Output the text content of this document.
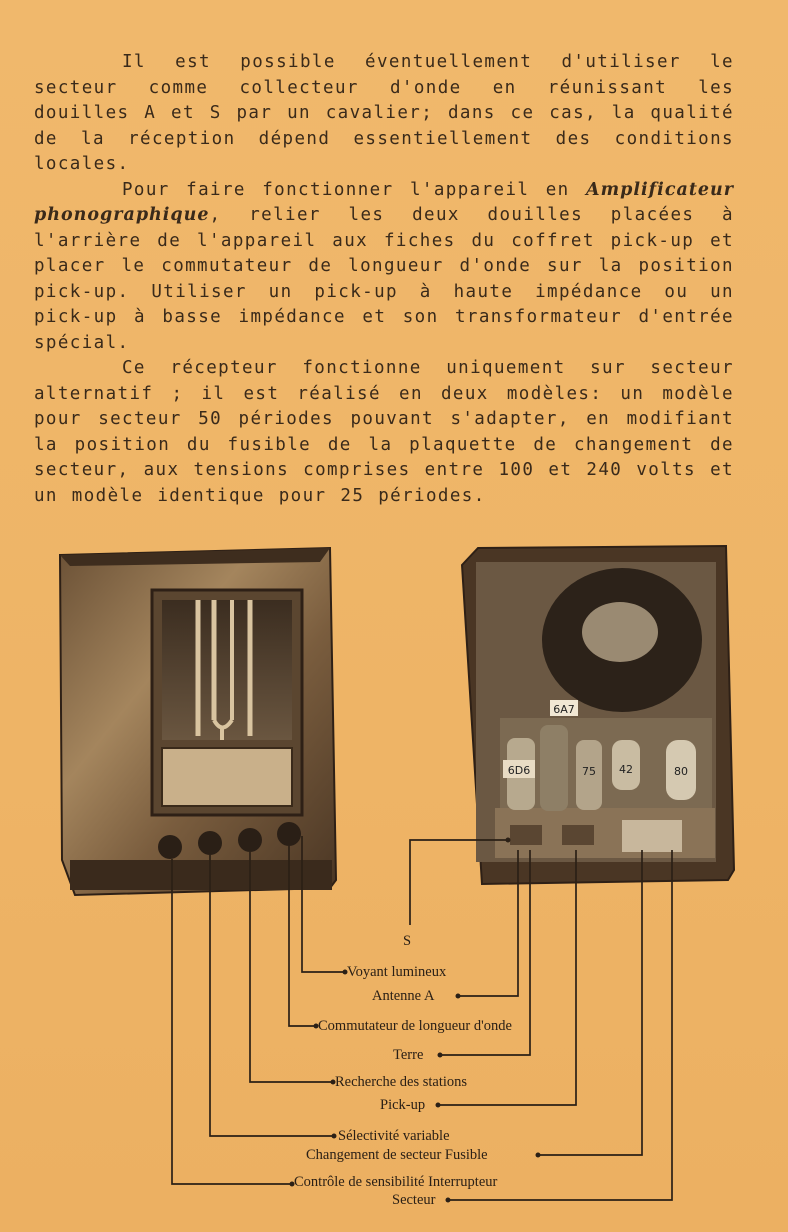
Il est possible éventuellement d'utiliser le secteur comme collecteur d'onde en réunissant les douilles A et S par un cavalier; dans ce cas, la qualité de la réception dépend essentiellement des conditions locales.

Pour faire fonctionner l'appareil en Amplificateur phonographique, relier les deux douilles placées à l'arrière de l'appareil aux fiches du coffret pick-up et placer le commutateur de longueur d'onde sur la position pick-up. Utiliser un pick-up à haute impédance ou un pick-up à basse impédance et son transformateur d'entrée spécial.

Ce récepteur fonctionne uniquement sur secteur alternatif ; il est réalisé en deux modèles: un modèle pour secteur 50 périodes pouvant s'adapter, en modifiant la position du fusible de la plaquette de changement de secteur, aux tensions comprises entre 100 et 240 volts et un modèle identique pour 25 périodes.

6A7
6D6	75 42	80
S
Voyant lumineux
Antenne A
Commutateur de longueur d'onde
Terre
Recherche des stations
Pick-up
Sélectivité variable
Changement de secteur Fusible
Contrôle de sensibilité Interrupteur
Secteur
